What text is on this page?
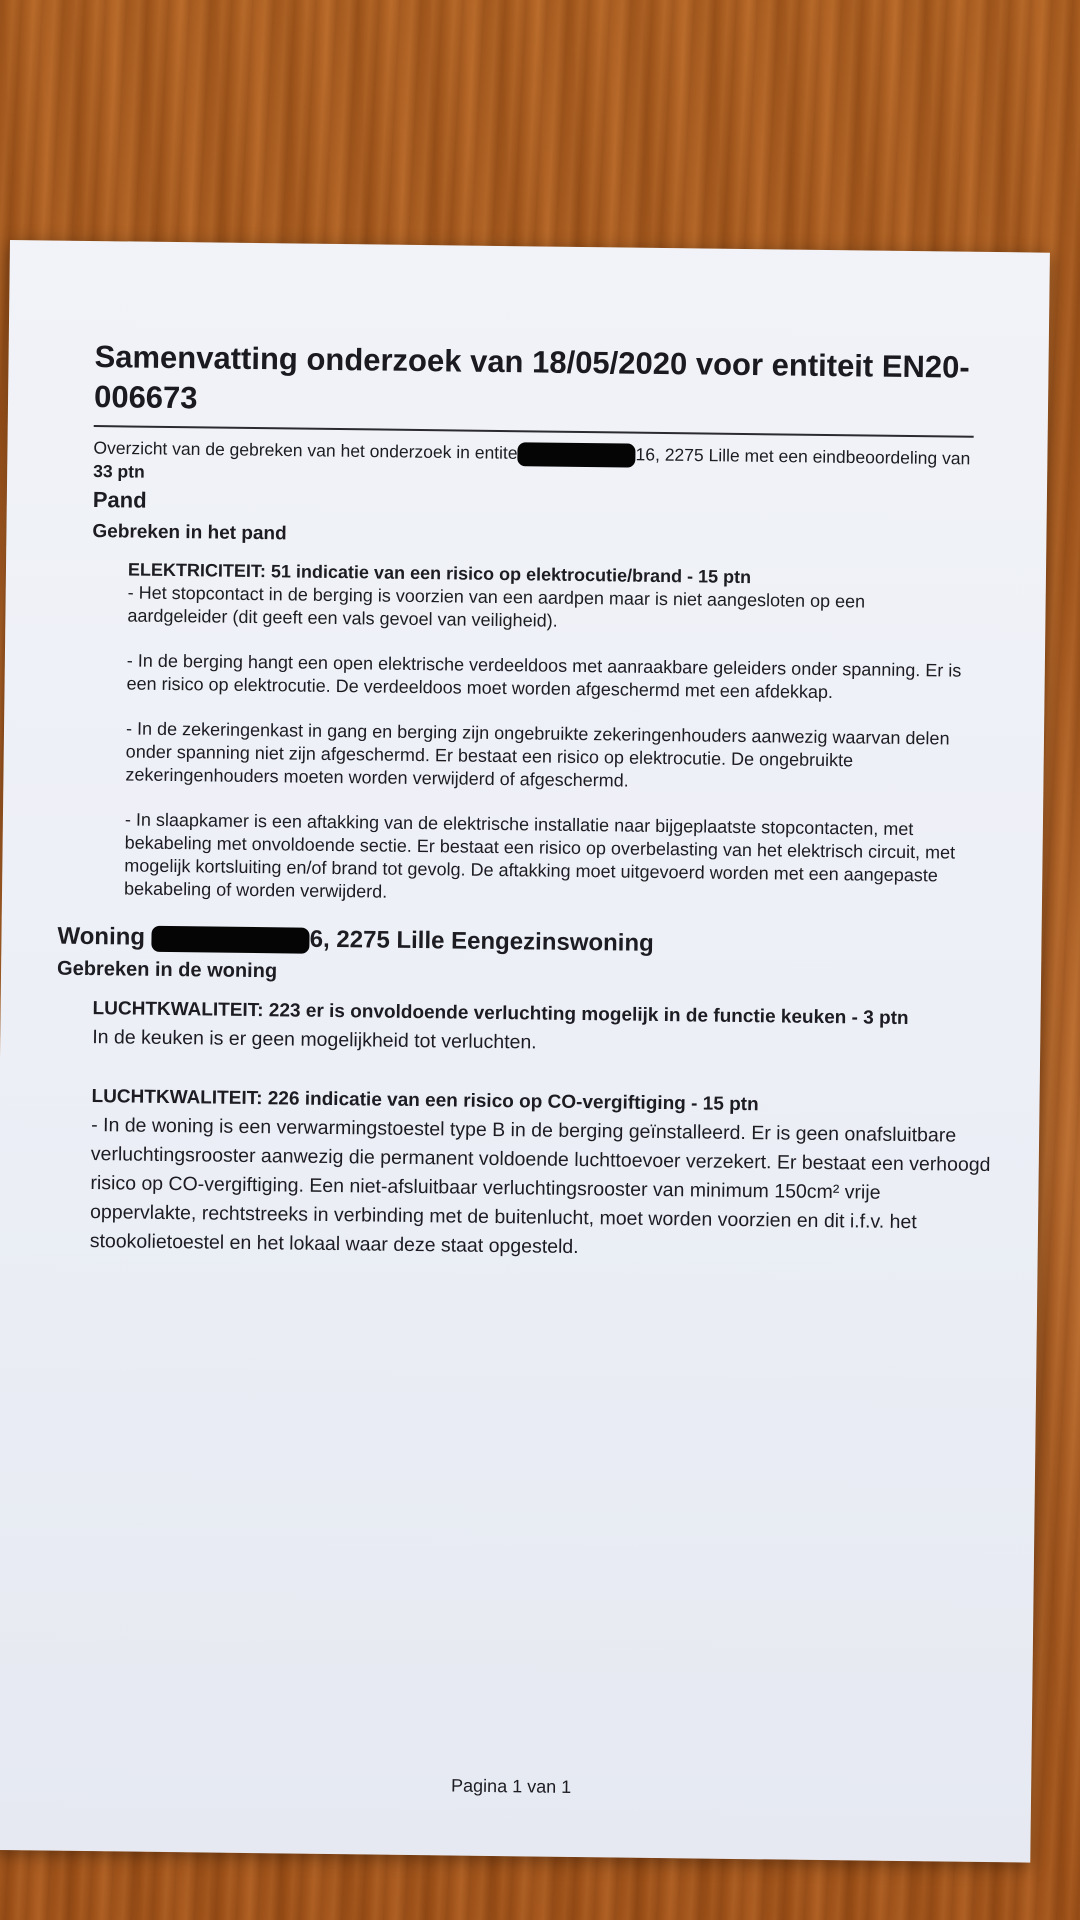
Samenvatting onderzoek van 18/05/2020 voor entiteit EN20-006673

Overzicht van de gebreken van het onderzoek in entite	16, 2275 Lille met een eindbeoordeling van 33 ptn

Pand
Gebreken in het pand

ELEKTRICITEIT: 51 indicatie van een risico op elektrocutie/brand - 15 ptn

- Het stopcontact in de berging is voorzien van een aardpen maar is niet aangesloten op een aardgeleider (dit geeft een vals gevoel van veiligheid).

- In de berging hangt een open elektrische verdeeldoos met aanraakbare geleiders onder spanning. Er is een risico op elektrocutie. De verdeeldoos moet worden afgeschermd met een afdekkap.

- In de zekeringenkast in gang en berging zijn ongebruikte zekeringenhouders aanwezig waarvan delen onder spanning niet zijn afgeschermd. Er bestaat een risico op elektrocutie. De ongebruikte zekeringenhouders moeten worden verwijderd of afgeschermd.

- In slaapkamer is een aftakking van de elektrische installatie naar bijgeplaatste stopcontacten, met bekabeling met onvoldoende sectie. Er bestaat een risico op overbelasting van het elektrisch circuit, met mogelijk kortsluiting en/of brand tot gevolg. De aftakking moet uitgevoerd worden met een aangepaste bekabeling of worden verwijderd.

Woning	6, 2275 Lille Eengezinswoning
Gebreken in de woning

LUCHTKWALITEIT: 223 er is onvoldoende verluchting mogelijk in de functie keuken - 3 ptn

In de keuken is er geen mogelijkheid tot verluchten.

LUCHTKWALITEIT: 226 indicatie van een risico op CO-vergiftiging - 15 ptn

- In de woning is een verwarmingstoestel type B in de berging geïnstalleerd. Er is geen onafsluitbare verluchtingsrooster aanwezig die permanent voldoende luchttoevoer verzekert. Er bestaat een verhoogd risico op CO-vergiftiging. Een niet-afsluitbaar verluchtingsrooster van minimum 150cm² vrije oppervlakte, rechtstreeks in verbinding met de buitenlucht, moet worden voorzien en dit i.f.v. het stookolietoestel en het lokaal waar deze staat opgesteld.

Pagina 1 van 1
